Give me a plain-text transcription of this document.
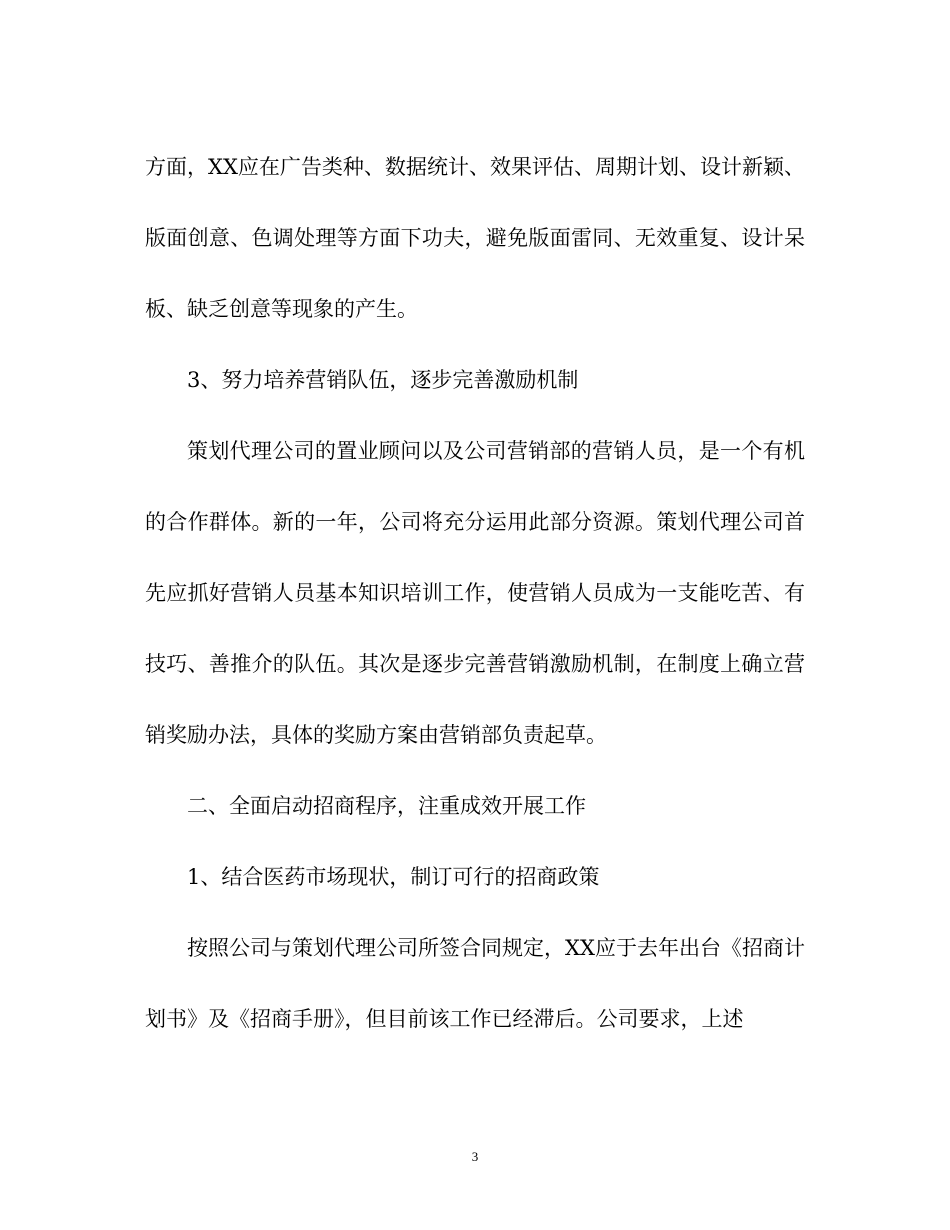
方面，XX应在广告类种、数据统计、效果评估、周期计划、设计新颖、版面创意、色调处理等方面下功夫，避免版面雷同、无效重复、设计呆板、缺乏创意等现象的产生。

3、努力培养营销队伍，逐步完善激励机制

策划代理公司的置业顾问以及公司营销部的营销人员，是一个有机的合作群体。新的一年，公司将充分运用此部分资源。策划代理公司首先应抓好营销人员基本知识培训工作，使营销人员成为一支能吃苦、有技巧、善推介的队伍。其次是逐步完善营销激励机制，在制度上确立营销奖励办法，具体的奖励方案由营销部负责起草。

二、全面启动招商程序，注重成效开展工作

1、结合医药市场现状，制订可行的招商政策

按照公司与策划代理公司所签合同规定，XX应于去年出台《招商计划书》及《招商手册》，但目前该工作已经滞后。公司要求，上述

3
